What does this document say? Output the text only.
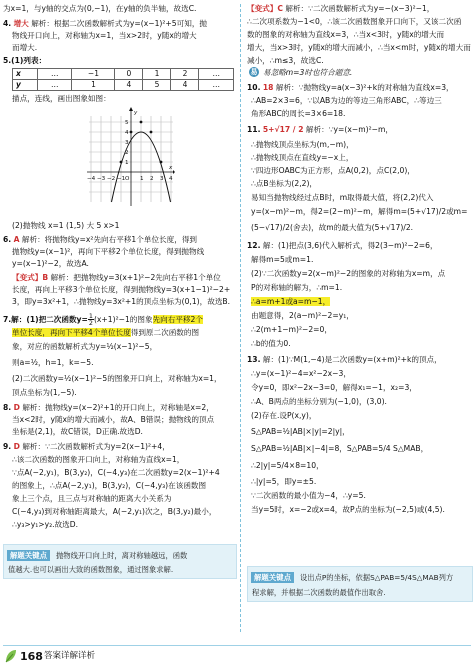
为x=1，与y轴的交点为(0,−1)，在y轴的负半轴，故选C.
4. 增大 解析：根据二次函数解析式为y=(x−1)²+5可知，抛
物线开口向上，对称轴为x=1，当x>2时，y随x的增大
而增大.
5.(1)列表：
x	…	−1	0	1	2	…
y	…	1	4	5	4	…
描点，连线，画出图象如图：
−4 −3 −2 −1 O 1 2 3 4
5
4
3
2
1
x
y
(2)抛物线 x=1 (1,5) 大 5 x>1
6. A 解析：将抛物线y=x²先向右平移1个单位长度，得到
抛物线y=(x−1)²，再向下平移2个单位长度，得到抛物线
y=(x−1)²−2，故选A.
【变式】B 解析：把抛物线y=3(x+1)²−2先向右平移1个单位
长度，再向上平移3个单位长度，得到抛物线y=3(x+1−1)²−2+
3，即y=3x²+1，∴抛物线y=3x²+1的顶点坐标为(0,1)，故选B.
7.解：(1)把二次函数$y= \frac{1}{2} (x+1)^2-1$的图象先向右平移2个
单位长度，再向下平移4个单位长度得到原二次函数的图
象，对应的函数解析式为y=½(x−1)²−5，
则a=½，h=1，k=−5.
(2)二次函数y=½(x−1)²−5的图象开口向上，对称轴为x=1，
顶点坐标为(1,−5).
8. D 解析：抛物线y=(x−2)²+1的开口向上，对称轴是x=2，
当x<2时，y随x的增大而减小，故A、B错误；抛物线的顶点
坐标是(2,1)，故C错误，D正确.故选D.
9. D 解析：∵二次函数解析式为y=2(x−1)²+4，
∴该二次函数的图象开口向上，对称轴为直线x=1，
∵点A(−2,y₁)，B(3,y₂)，C(−4,y₃)在二次函数y=2(x−1)²+4
的图象上，∴点A(−2,y₁)，B(3,y₂)，C(−4,y₃)在该函数图
象上三个点，且三点与对称轴的距离大小关系为
C(−4,y₃)到对称轴距离最大，A(−2,y₁)次之，B(3,y₂)最小，
∴y₃>y₁>y₂.故选D.
解题关键点	抛物线开口向上时，离对称轴越远，函数
值越大.也可以画出大致的函数图象，通过图象求解.
【变式】C 解析：∵二次函数解析式为y=−(x−3)²−1，
∴二次项系数为−1<0，∴该二次函数图象开口向下，又该二次函
数的图象的对称轴为直线x=3，∴当x<3时，y随x的增大而
增大，当x>3时，y随x的增大而减小，∴当x<m时，y随x的增大而
减小，∴m≤3，故选C.
易 易忽略m=3时也符合题意.
10. 18 解析：∵抛物线y=a(x−3)²+k的对称轴为直线x=3，
∴AB=2×3=6，∵以AB为边的等边三角形ABC，∴等边三
角形ABC的周长=3×6=18.
11. 5+√17 / 2 解析：∵y=(x−m)²−m，
∴抛物线顶点坐标为(m,−m)，
∴抛物线顶点在直线y=−x上，
∵四边形OABC为正方形，点A(0,2)，点C(2,0)，
∴点B坐标为(2,2)，
易知当抛物线经过点B时，m取得最大值，将(2,2)代入
y=(x−m)²−m，得2=(2−m)²−m，解得m=(5+√17)/2或m=
(5−√17)/2(舍去)，故m的最大值为(5+√17)/2.
12. 解：(1)把点(3,6)代入解析式，得2(3−m)²−2=6，
解得m=5或m=1.
(2)∵二次函数y=2(x−m)²−2的图象的对称轴为x=m，点
P的对称轴的解为，∴m=1.
∴a=m+1或a=m−1，
由题意得，2(a−m)²−2=y₁，
∴2(m+1−m)²−2=0，
∴b的值为0.
13. 解：(1)∵M(1,−4)是二次函数y=(x+m)²+k的顶点，
∴y=(x−1)²−4=x²−2x−3，
令y=0，即x²−2x−3=0，解得x₁=−1，x₂=3，
∴A、B两点的坐标分别为(−1,0)，(3,0).
(2)存在.设P(x,y)，
S△PAB=½|AB|×|y|=2|y|，
S△PAB=½|AB|×|−4|=8，S△PAB=5/4 S△MAB，
∴2|y|=5/4×8=10，
∴|y|=5，即y=±5.
∵二次函数的最小值为−4，∴y=5.
当y=5时，x=−2或x=4，故P点的坐标为(−2,5)或(4,5).
解题关键点	设出点P的坐标，依据S△PAB=5/4S△MAB列方
程求解，并根据二次函数的最值作出取舍.
168 答案详解详析
